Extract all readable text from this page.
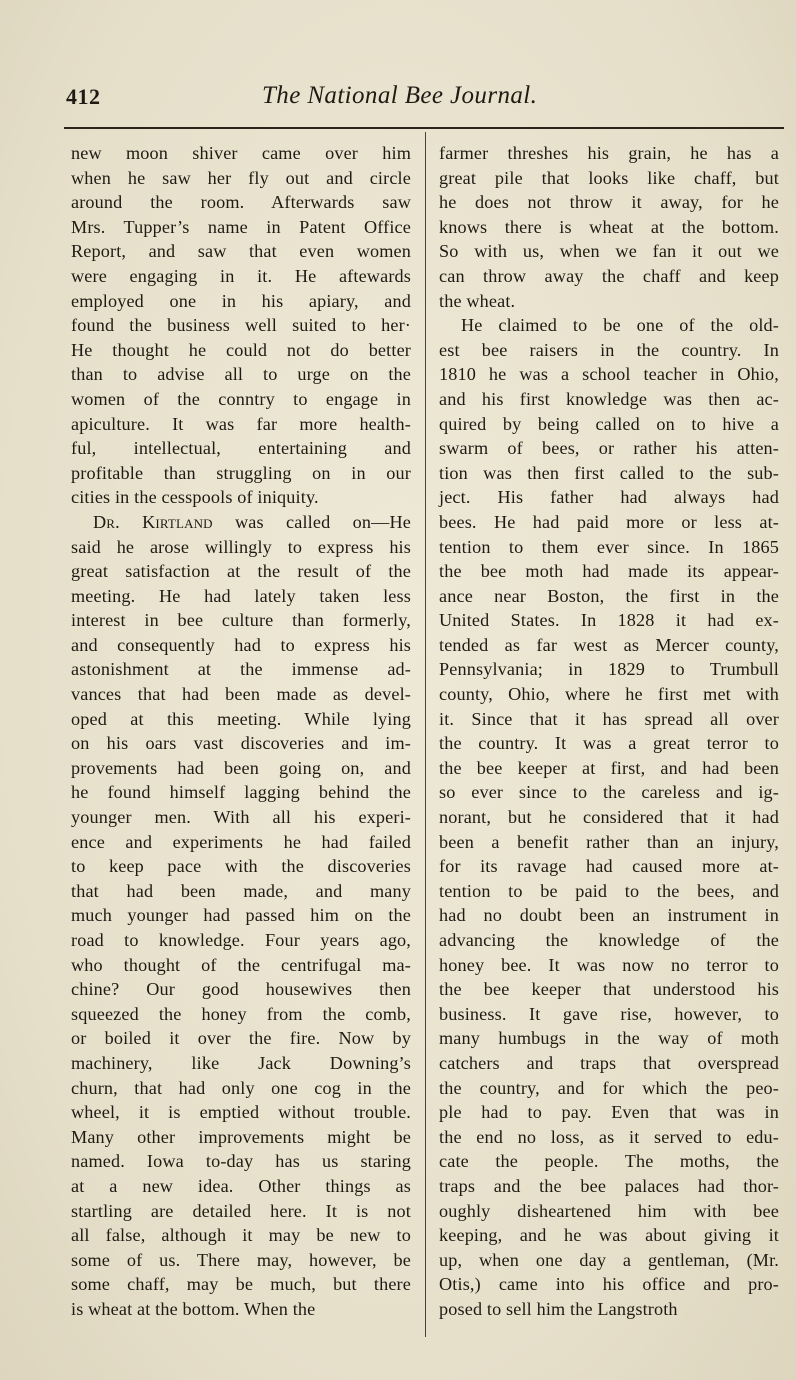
412	The National Bee Journal.
new moon shiver came over him
when he saw her fly out and circle
around the room. Afterwards saw
Mrs. Tupper’s name in Patent Office
Report, and saw that even women
were engaging in it. He aftewards
employed one in his apiary, and
found the business well suited to her·
He thought he could not do better
than to advise all to urge on the
women of the conntry to engage in
apiculture. It was far more health-
ful, intellectual, entertaining and
profitable than struggling on in our
cities in the cesspools of iniquity.
Dr. Kirtland was called on—He
said he arose willingly to express his
great satisfaction at the result of the
meeting. He had lately taken less
interest in bee culture than formerly,
and consequently had to express his
astonishment at the immense ad-
vances that had been made as devel-
oped at this meeting. While lying
on his oars vast discoveries and im-
provements had been going on, and
he found himself lagging behind the
younger men. With all his experi-
ence and experiments he had failed
to keep pace with the discoveries
that had been made, and many
much younger had passed him on the
road to knowledge. Four years ago,
who thought of the centrifugal ma-
chine? Our good housewives then
squeezed the honey from the comb,
or boiled it over the fire. Now by
machinery, like Jack Downing’s
churn, that had only one cog in the
wheel, it is emptied without trouble.
Many other improvements might be
named. Iowa to-day has us staring
at a new idea. Other things as
startling are detailed here. It is not
all false, although it may be new to
some of us. There may, however, be
some chaff, may be much, but there
is wheat at the bottom. When the
farmer threshes his grain, he has a
great pile that looks like chaff, but
he does not throw it away, for he
knows there is wheat at the bottom.
So with us, when we fan it out we
can throw away the chaff and keep
the wheat.
He claimed to be one of the old-
est bee raisers in the country. In
1810 he was a school teacher in Ohio,
and his first knowledge was then ac-
quired by being called on to hive a
swarm of bees, or rather his atten-
tion was then first called to the sub-
ject. His father had always had
bees. He had paid more or less at-
tention to them ever since. In 1865
the bee moth had made its appear-
ance near Boston, the first in the
United States. In 1828 it had ex-
tended as far west as Mercer county,
Pennsylvania; in 1829 to Trumbull
county, Ohio, where he first met with
it. Since that it has spread all over
the country. It was a great terror to
the bee keeper at first, and had been
so ever since to the careless and ig-
norant, but he considered that it had
been a benefit rather than an injury,
for its ravage had caused more at-
tention to be paid to the bees, and
had no doubt been an instrument in
advancing the knowledge of the
honey bee. It was now no terror to
the bee keeper that understood his
business. It gave rise, however, to
many humbugs in the way of moth
catchers and traps that overspread
the country, and for which the peo-
ple had to pay. Even that was in
the end no loss, as it served to edu-
cate the people. The moths, the
traps and the bee palaces had thor-
oughly disheartened him with bee
keeping, and he was about giving it
up, when one day a gentleman, (Mr.
Otis,) came into his office and pro-
posed to sell him the Langstroth
